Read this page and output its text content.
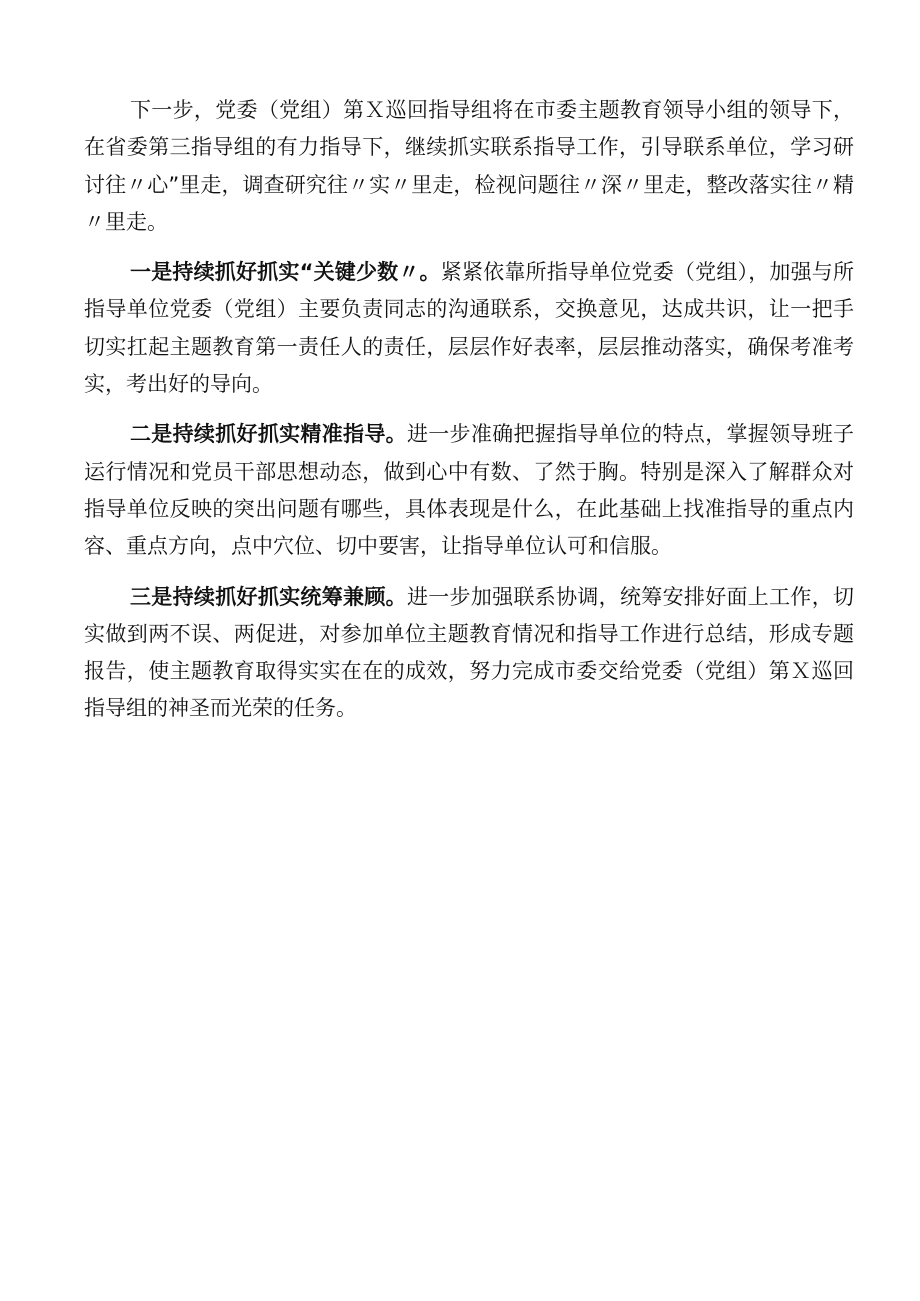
下一步，党委（党组）第Ｘ巡回指导组将在市委主题教育领导小组的领导下，在省委第三指导组的有力指导下，继续抓实联系指导工作，引导联系单位，学习研讨往〃心”里走，调查研究往〃实〃里走，检视问题往〃深〃里走，整改落实往〃精〃里走。

一是持续抓好抓实“关键少数〃。紧紧依靠所指导单位党委（党组），加强与所指导单位党委（党组）主要负责同志的沟通联系，交换意见，达成共识，让一把手切实扛起主题教育第一责任人的责任，层层作好表率，层层推动落实，确保考准考实，考出好的导向。

二是持续抓好抓实精准指导。进一步准确把握指导单位的特点，掌握领导班子运行情况和党员干部思想动态，做到心中有数、了然于胸。特别是深入了解群众对指导单位反映的突出问题有哪些，具体表现是什么，在此基础上找准指导的重点内容、重点方向，点中穴位、切中要害，让指导单位认可和信服。

三是持续抓好抓实统筹兼顾。进一步加强联系协调，统筹安排好面上工作，切实做到两不误、两促进，对参加单位主题教育情况和指导工作进行总结，形成专题报告，使主题教育取得实实在在的成效，努力完成市委交给党委（党组）第Ｘ巡回指导组的神圣而光荣的任务。
